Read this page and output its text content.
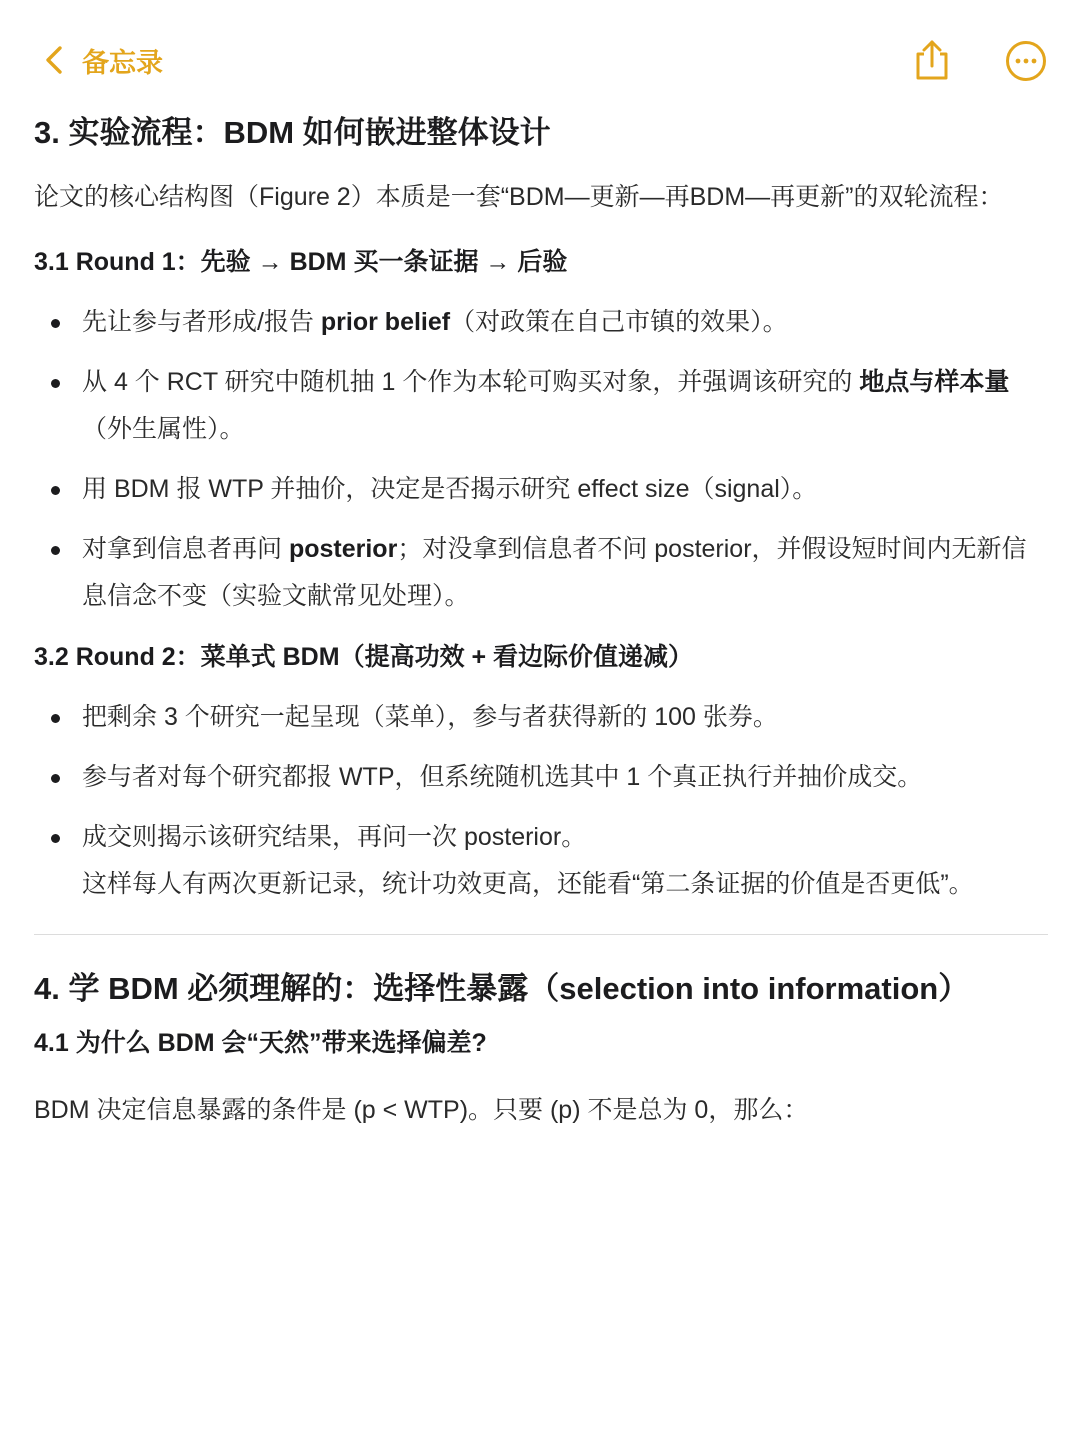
备忘录
3. 实验流程：BDM 如何嵌进整体设计

论文的核心结构图（Figure 2）本质是一套“BDM—更新—再BDM—再更新”的双轮流程：

3.1 Round 1：先验 → BDM 买一条证据 → 后验
先让参与者形成/报告 prior belief（对政策在自己市镇的效果）。
从 4 个 RCT 研究中随机抽 1 个作为本轮可购买对象，并强调该研究的 地点与样本量（外生属性）。
用 BDM 报 WTP 并抽价，决定是否揭示研究 effect size（signal）。
对拿到信息者再问 posterior；对没拿到信息者不问 posterior，并假设短时间内无新信息信念不变（实验文献常见处理）。
3.2 Round 2：菜单式 BDM（提高功效 + 看边际价值递减）
把剩余 3 个研究一起呈现（菜单），参与者获得新的 100 张券。
参与者对每个研究都报 WTP，但系统随机选其中 1 个真正执行并抽价成交。
成交则揭示该研究结果，再问一次 posterior。
这样每人有两次更新记录，统计功效更高，还能看“第二条证据的价值是否更低”。
4. 学 BDM 必须理解的：选择性暴露（selection into information）
4.1 为什么 BDM 会“天然”带来选择偏差?

BDM 决定信息暴露的条件是 (p < WTP)。只要 (p) 不是总为 0，那么：
